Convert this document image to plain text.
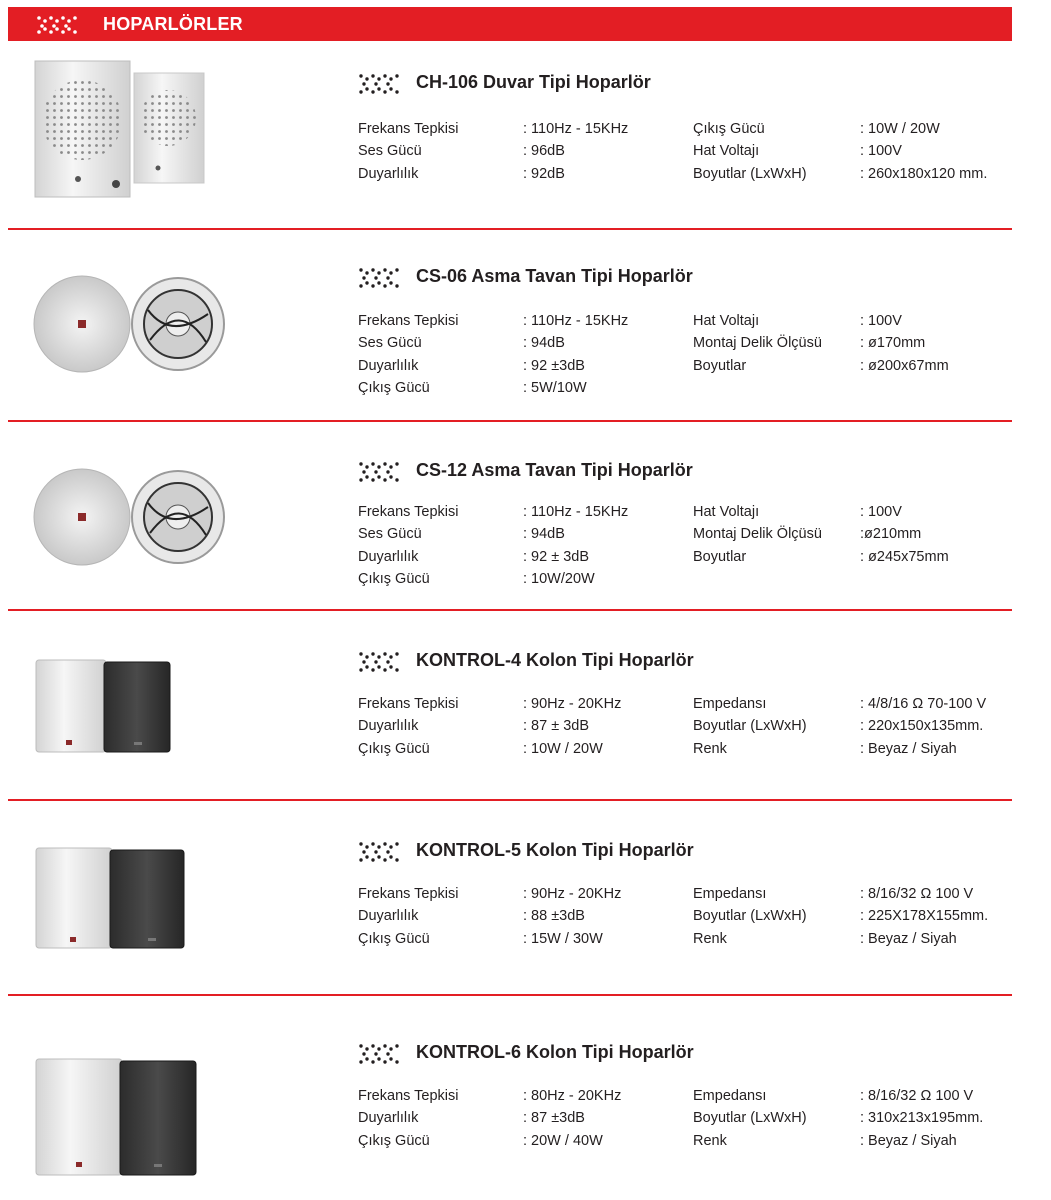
HOPARLÖRLER
CH-106 Duvar Tipi Hoparlör
Frekans Tepkisi	: 110Hz - 15KHz	Çıkış Gücü	: 10W / 20W
Ses Gücü	: 96dB	Hat Voltajı	: 100V
Duyarlılık	: 92dB	Boyutlar (LxWxH)	: 260x180x120 mm.
CS-06 Asma Tavan Tipi Hoparlör
Frekans Tepkisi	: 110Hz - 15KHz	Hat Voltajı	: 100V
Ses Gücü	: 94dB	Montaj Delik Ölçüsü	: ø170mm
Duyarlılık	: 92 ±3dB	Boyutlar	: ø200x67mm
Çıkış Gücü	: 5W/10W
CS-12 Asma Tavan Tipi Hoparlör
Frekans Tepkisi	: 110Hz - 15KHz	Hat Voltajı	: 100V
Ses Gücü	: 94dB	Montaj Delik Ölçüsü	:ø210mm
Duyarlılık	: 92 ± 3dB	Boyutlar	: ø245x75mm
Çıkış Gücü	: 10W/20W
KONTROL-4 Kolon Tipi Hoparlör
Frekans Tepkisi	: 90Hz - 20KHz	Empedansı	: 4/8/16 Ω 70-100 V
Duyarlılık	: 87 ± 3dB	Boyutlar (LxWxH)	: 220x150x135mm.
Çıkış Gücü	: 10W / 20W	Renk	: Beyaz / Siyah
KONTROL-5 Kolon Tipi Hoparlör
Frekans Tepkisi	: 90Hz - 20KHz	Empedansı	: 8/16/32 Ω 100 V
Duyarlılık	: 88 ±3dB	Boyutlar (LxWxH)	: 225X178X155mm.
Çıkış Gücü	: 15W / 30W	Renk	: Beyaz / Siyah
KONTROL-6 Kolon Tipi Hoparlör
Frekans Tepkisi	: 80Hz - 20KHz	Empedansı	: 8/16/32 Ω 100 V
Duyarlılık	: 87 ±3dB	Boyutlar (LxWxH)	: 310x213x195mm.
Çıkış Gücü	: 20W / 40W	Renk	: Beyaz / Siyah
